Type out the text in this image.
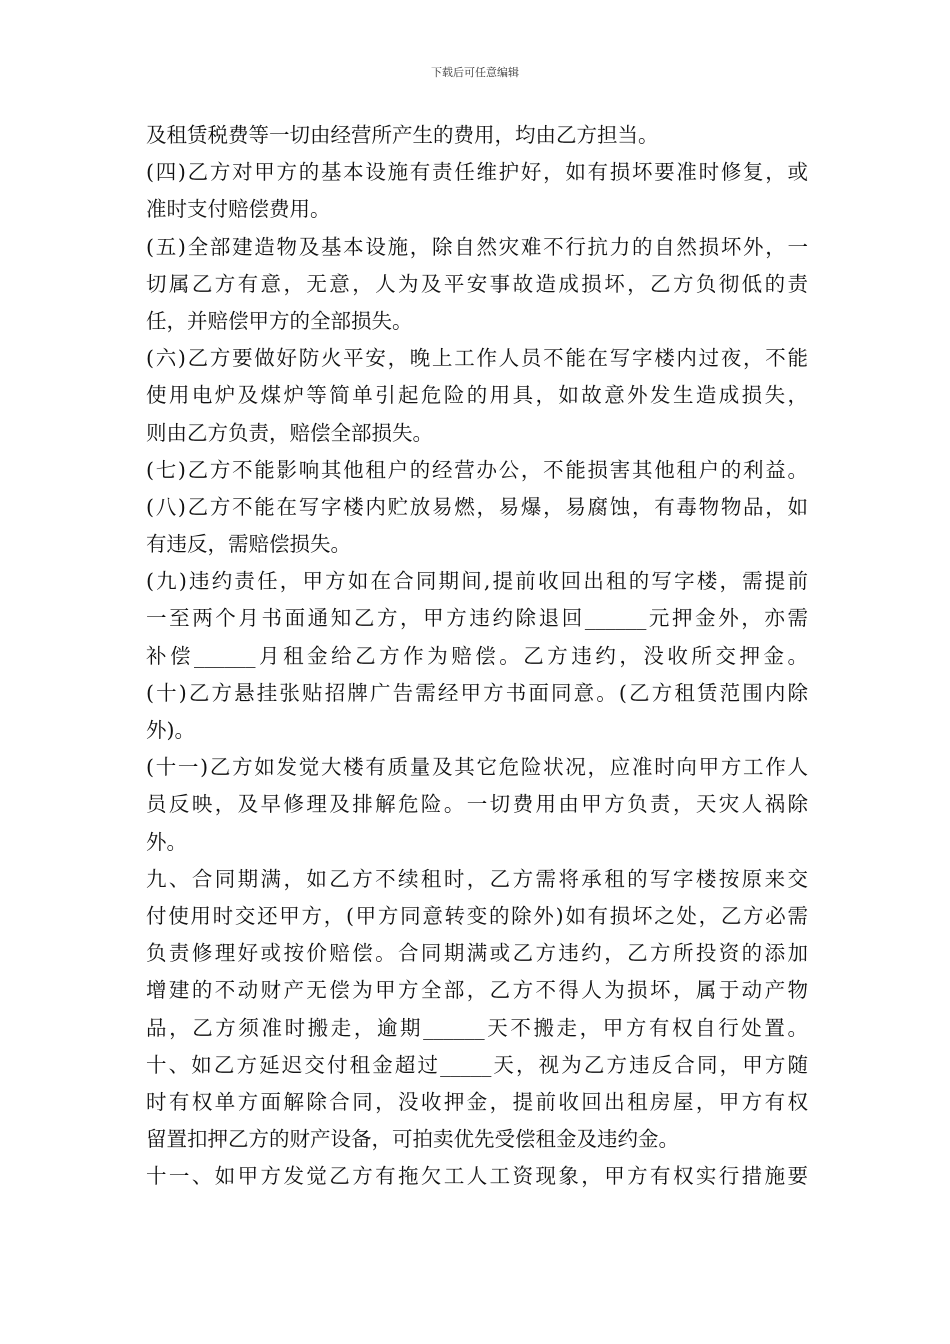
下载后可任意编辑
及租赁税费等一切由经营所产生的费用，均由乙方担当。
(四)乙方对甲方的基本设施有责任维护好，如有损坏要准时修复，或
准时支付赔偿费用。
(五)全部建造物及基本设施，除自然灾难不行抗力的自然损坏外，一
切属乙方有意，无意，人为及平安事故造成损坏，乙方负彻低的责
任，并赔偿甲方的全部损失。
(六)乙方要做好防火平安，晚上工作人员不能在写字楼内过夜，不能
使用电炉及煤炉等简单引起危险的用具，如故意外发生造成损失，
则由乙方负责，赔偿全部损失。
(七)乙方不能影响其他租户的经营办公，不能损害其他租户的利益。
(八)乙方不能在写字楼内贮放易燃，易爆，易腐蚀，有毒物物品，如
有违反，需赔偿损失。
(九)违约责任，甲方如在合同期间,提前收回出租的写字楼，需提前
一至两个月书面通知乙方，甲方违约除退回______元押金外，亦需
补偿______月租金给乙方作为赔偿。乙方违约，没收所交押金。
(十)乙方悬挂张贴招牌广告需经甲方书面同意。(乙方租赁范围内除
外)。
(十一)乙方如发觉大楼有质量及其它危险状况，应准时向甲方工作人
员反映，及早修理及排解危险。一切费用由甲方负责，天灾人祸除
外。
九、合同期满，如乙方不续租时，乙方需将承租的写字楼按原来交
付使用时交还甲方，(甲方同意转变的除外)如有损坏之处，乙方必需
负责修理好或按价赔偿。合同期满或乙方违约，乙方所投资的添加
增建的不动财产无偿为甲方全部，乙方不得人为损坏，属于动产物
品，乙方须准时搬走，逾期______天不搬走，甲方有权自行处置。
十、如乙方延迟交付租金超过_____天，视为乙方违反合同，甲方随
时有权单方面解除合同，没收押金，提前收回出租房屋，甲方有权
留置扣押乙方的财产设备，可拍卖优先受偿租金及违约金。
十一、如甲方发觉乙方有拖欠工人工资现象，甲方有权实行措施要
